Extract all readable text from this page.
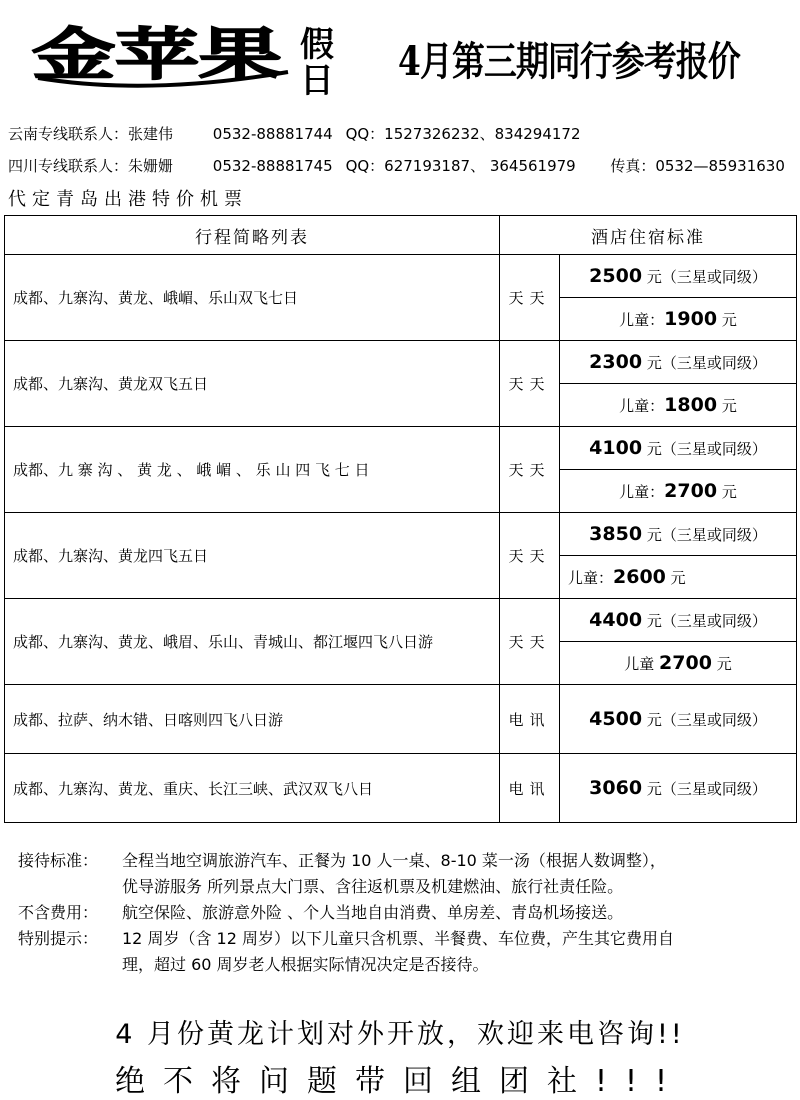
金苹果 假
日 4月第三期同行参考报价
云南专线联系人：张建伟	0532-88881744 QQ：1527326232、834294172
四川专线联系人：朱姗姗	0532-88881745 QQ：627193187、 364561979 传真：0532—85931630
代定青岛出港特价机票
行程简略列表	酒店住宿标准	
成都、九寨沟、黄龙、峨嵋、乐山双飞七日	天天	2500 元（三星或同级）
		儿童：1900 元
成都、九寨沟、黄龙双飞五日	天天	2300 元（三星或同级）
		儿童：1800 元
成都、九 寨 沟 、 黄 龙 、 峨 嵋 、 乐 山 四 飞 七 日	天天	4100 元（三星或同级）
		儿童：2700 元
成都、九寨沟、黄龙四飞五日	天天	3850 元（三星或同级）
		儿童：2600 元
成都、九寨沟、黄龙、峨眉、乐山、青城山、都江堰四飞八日游	天天	4400 元（三星或同级）
		儿童 2700 元
成都、拉萨、纳木错、日喀则四飞八日游	电讯	4500 元（三星或同级）
成都、九寨沟、黄龙、重庆、长江三峡、武汉双飞八日	电讯	3060 元（三星或同级）
接待标准：	全程当地空调旅游汽车、正餐为 10 人一桌、8-10 菜一汤（根据人数调整），
优导游服务 所列景点大门票、含往返机票及机建燃油、旅行社责任险。
不含费用：	航空保险、旅游意外险 、个人当地自由消费、单房差、青岛机场接送。
特别提示：	12 周岁（含 12 周岁）以下儿童只含机票、半餐费、车位费，产生其它费用自
理，超过 60 周岁老人根据实际情况决定是否接待。
4 月份黄龙计划对外开放，欢迎来电咨询!!
绝不将问题带回组团社!!!
